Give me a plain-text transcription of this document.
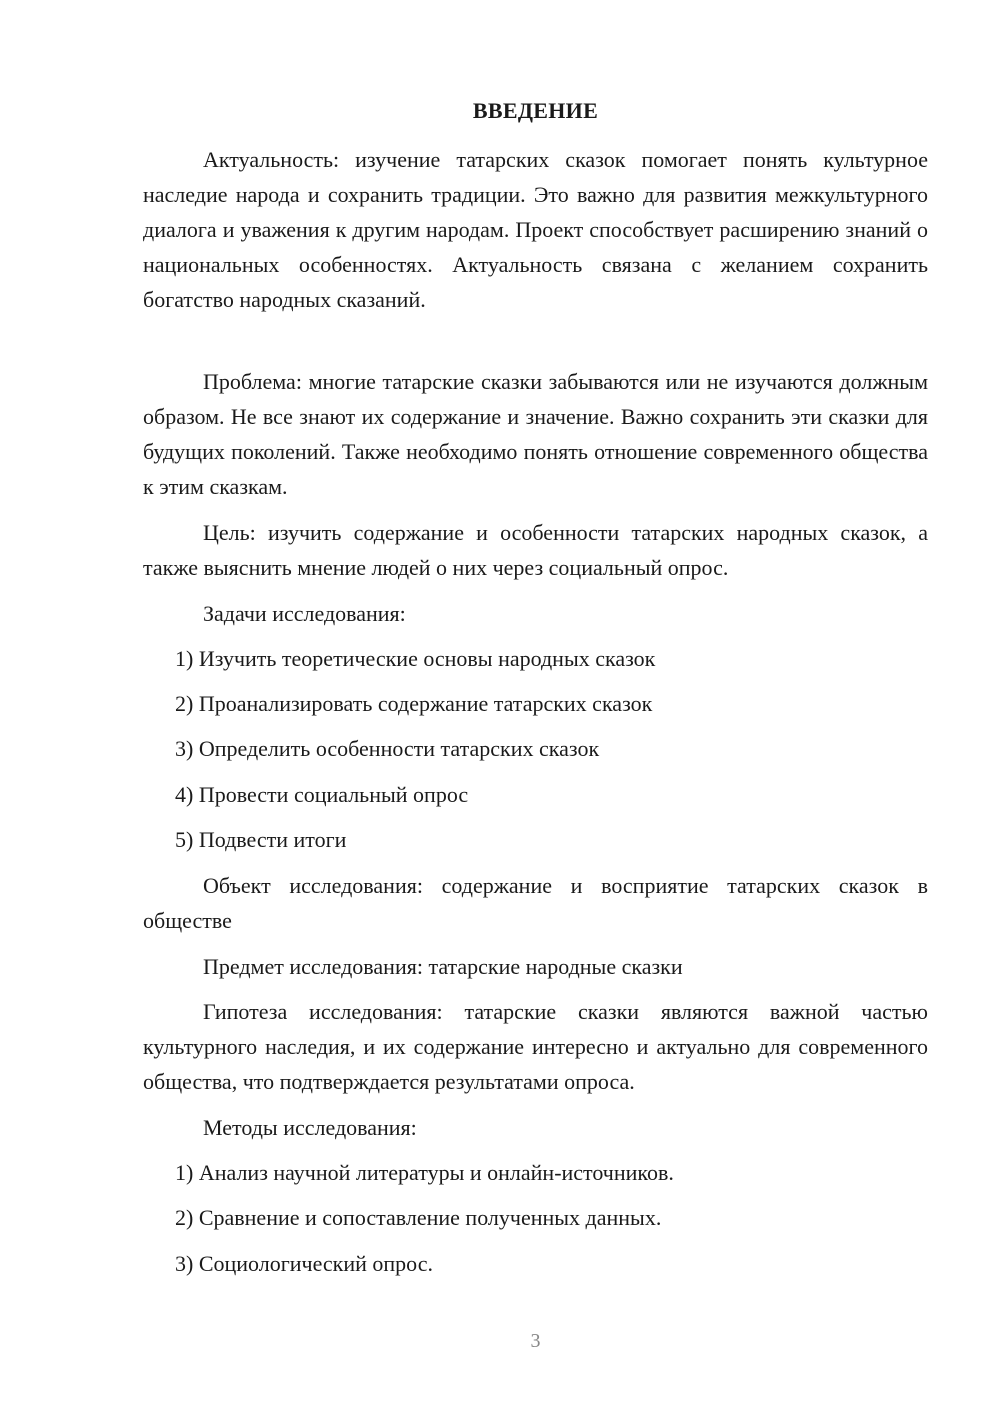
ВВЕДЕНИЕ

Актуальность: изучение татарских сказок помогает понять культурное наследие народа и сохранить традиции. Это важно для развития межкультурного диалога и уважения к другим народам. Проект способствует расширению знаний о национальных особенностях. Актуальность связана с желанием сохранить богатство народных сказаний.

Проблема: многие татарские сказки забываются или не изучаются должным образом. Не все знают их содержание и значение. Важно сохранить эти сказки для будущих поколений. Также необходимо понять отношение современного общества к этим сказкам.

Цель: изучить содержание и особенности татарских народных сказок, а также выяснить мнение людей о них через социальный опрос.

Задачи исследования:
1) Изучить теоретические основы народных сказок
2) Проанализировать содержание татарских сказок
3) Определить особенности татарских сказок
4) Провести социальный опрос
5) Подвести итоги

Объект исследования: содержание и восприятие татарских сказок в обществе

Предмет исследования: татарские народные сказки

Гипотеза исследования: татарские сказки являются важной частью культурного наследия, и их содержание интересно и актуально для современного общества, что подтверждается результатами опроса.

Методы исследования:
1) Анализ научной литературы и онлайн-источников.
2) Сравнение и сопоставление полученных данных.
3) Социологический опрос.
3
